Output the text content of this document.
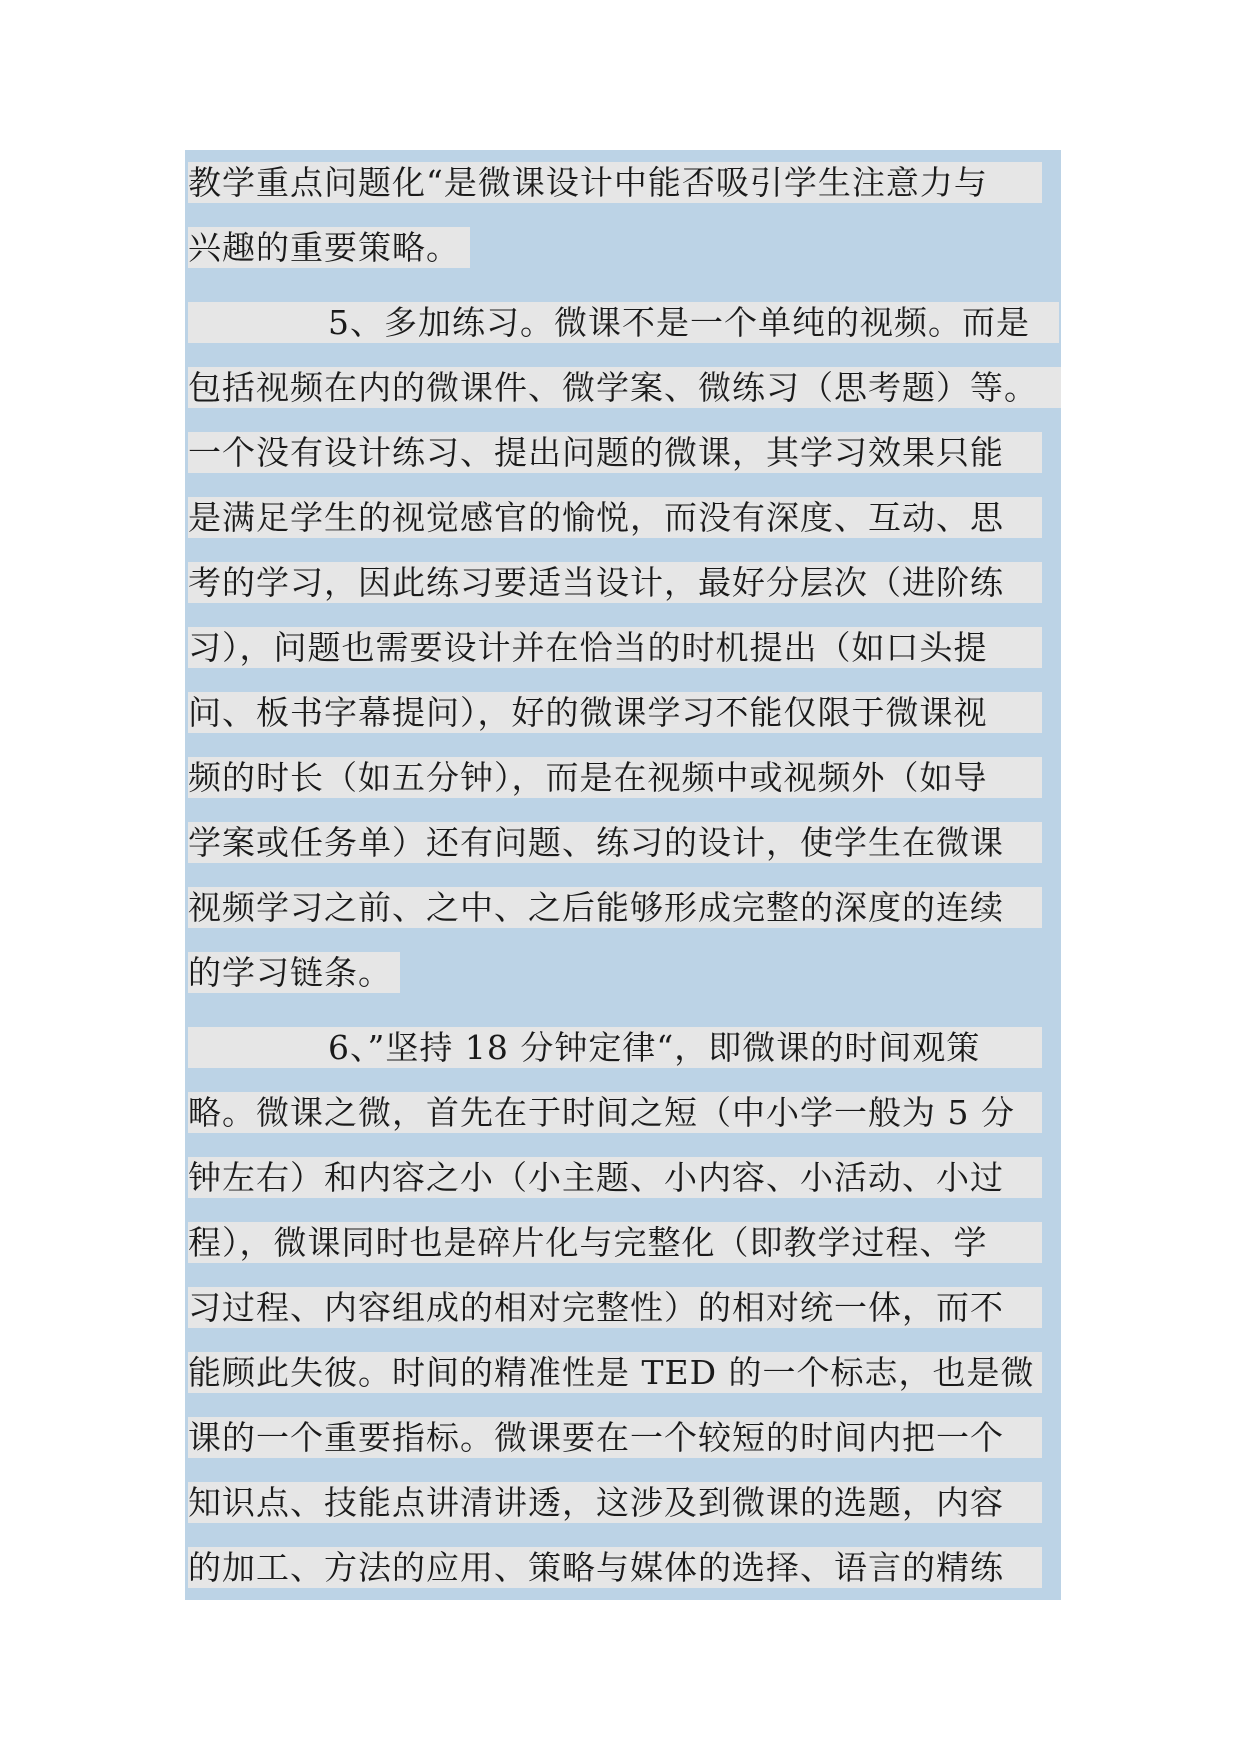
教学重点问题化“是微课设计中能否吸引学生注意力与
兴趣的重要策略。
5、多加练习。微课不是一个单纯的视频。而是
包括视频在内的微课件、微学案、微练习（思考题）等。
一个没有设计练习、提出问题的微课，其学习效果只能
是满足学生的视觉感官的愉悦，而没有深度、互动、思
考的学习，因此练习要适当设计，最好分层次（进阶练
习），问题也需要设计并在恰当的时机提出（如口头提
问、板书字幕提问），好的微课学习不能仅限于微课视
频的时长（如五分钟），而是在视频中或视频外（如导
学案或任务单）还有问题、练习的设计，使学生在微课
视频学习之前、之中、之后能够形成完整的深度的连续
的学习链条。
6、”坚持 18 分钟定律“，即微课的时间观策
略。微课之微，首先在于时间之短（中小学一般为 5 分
钟左右）和内容之小（小主题、小内容、小活动、小过
程），微课同时也是碎片化与完整化（即教学过程、学
习过程、内容组成的相对完整性）的相对统一体，而不
能顾此失彼。时间的精准性是 TED 的一个标志，也是微
课的一个重要指标。微课要在一个较短的时间内把一个
知识点、技能点讲清讲透，这涉及到微课的选题，内容
的加工、方法的应用、策略与媒体的选择、语言的精练
